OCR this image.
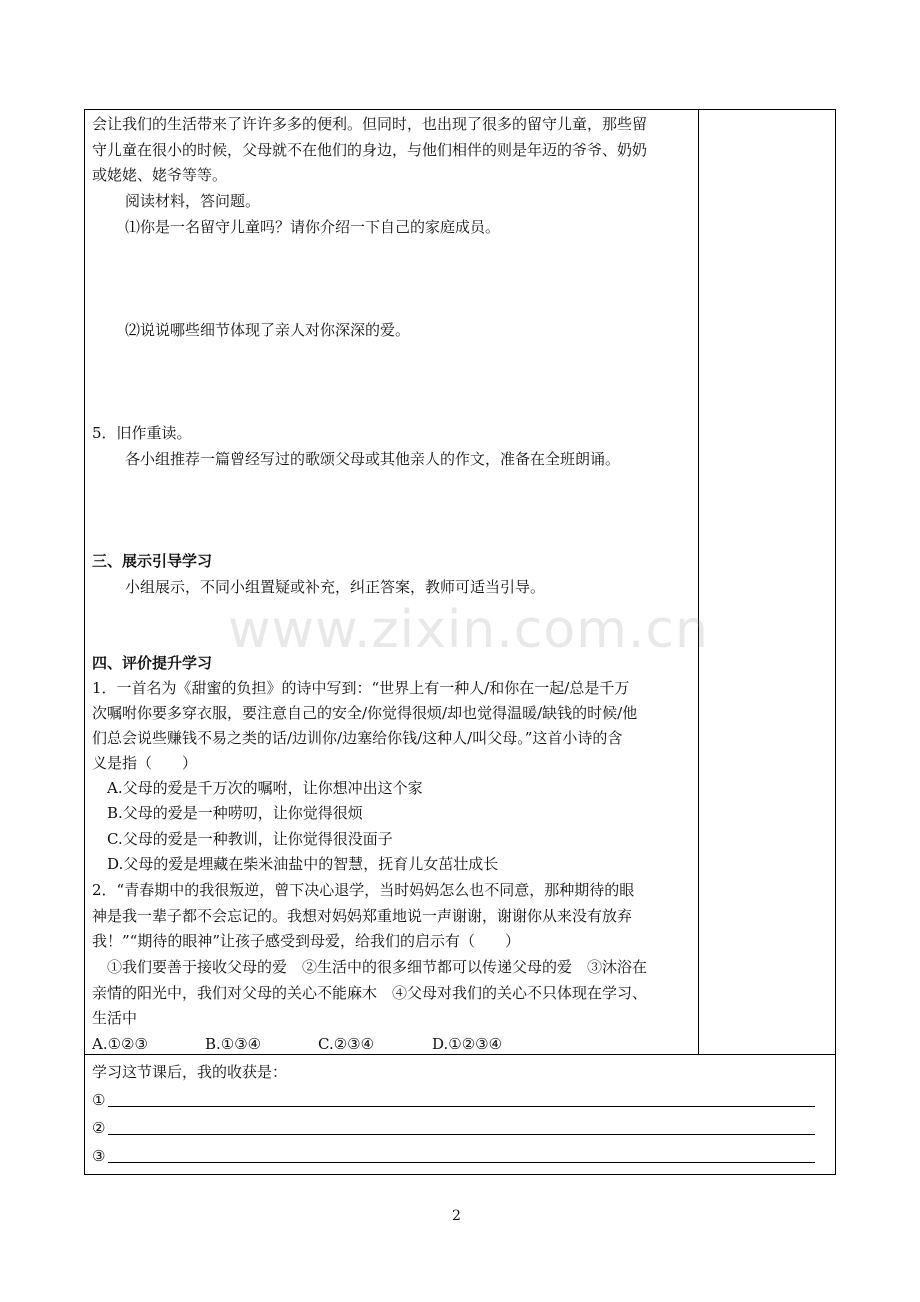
会让我们的生活带来了许许多多的便利。但同时，也出现了很多的留守儿童，那些留
守儿童在很小的时候，父母就不在他们的身边，与他们相伴的则是年迈的爷爷、奶奶
或姥姥、姥爷等等。
阅读材料，答问题。
⑴你是一名留守儿童吗？请你介绍一下自己的家庭成员。
⑵说说哪些细节体现了亲人对你深深的爱。
5．旧作重读。
各小组推荐一篇曾经写过的歌颂父母或其他亲人的作文，准备在全班朗诵。
三、展示引导学习
小组展示，不同小组置疑或补充，纠正答案，教师可适当引导。
www.zixin.com.cn
四、评价提升学习
1．一首名为《甜蜜的负担》的诗中写到：“世界上有一种人/和你在一起/总是千万
次嘱咐你要多穿衣服，要注意自己的安全/你觉得很烦/却也觉得温暖/缺钱的时候/他
们总会说些赚钱不易之类的话/边训你/边塞给你钱/这种人/叫父母。”这首小诗的含
义是指（　　）
A.父母的爱是千万次的嘱咐，让你想冲出这个家
B.父母的爱是一种唠叨，让你觉得很烦
C.父母的爱是一种教训，让你觉得很没面子
D.父母的爱是埋藏在柴米油盐中的智慧，抚育儿女茁壮成长
2．“青春期中的我很叛逆，曾下决心退学，当时妈妈怎么也不同意，那种期待的眼
神是我一辈子都不会忘记的。我想对妈妈郑重地说一声谢谢，谢谢你从来没有放弃
我！”“期待的眼神”让孩子感受到母爱，给我们的启示有（　　）
①我们要善于接收父母的爱　②生活中的很多细节都可以传递父母的爱　③沐浴在
亲情的阳光中，我们对父母的关心不能麻木　④父母对我们的关心不只体现在学习、
生活中
A.①②③	B.①③④	C.②③④	D.①②③④
学习这节课后，我的收获是：
①
②
③
2
